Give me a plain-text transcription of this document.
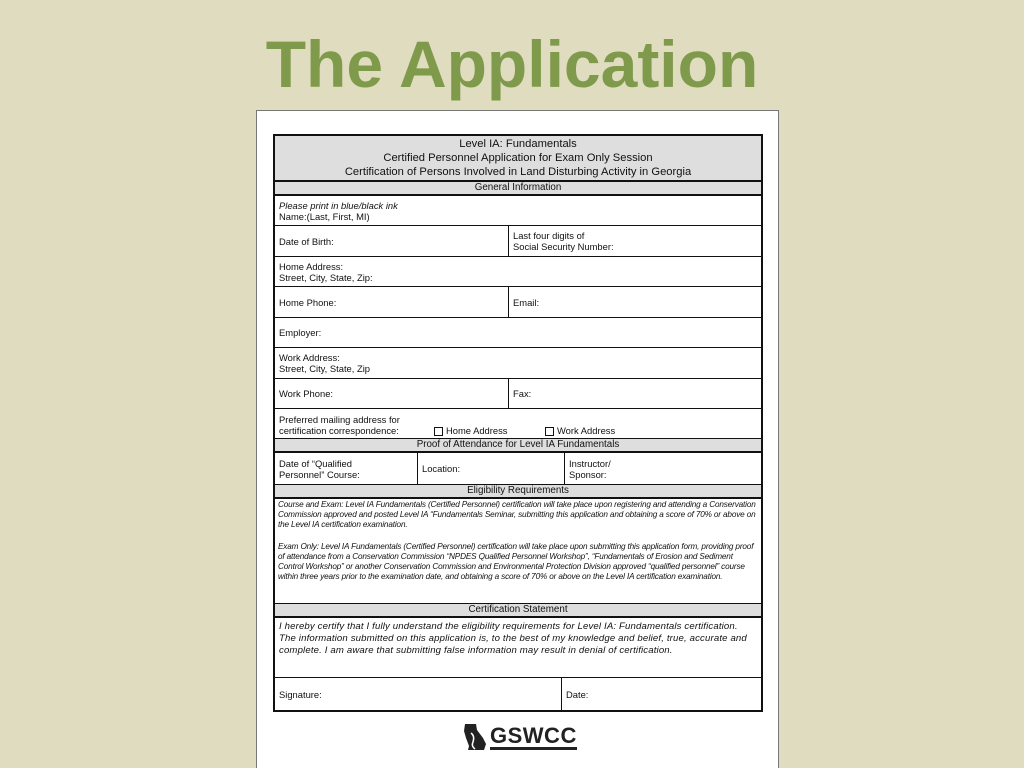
The Application
Level IA: Fundamentals
Certified Personnel Application for Exam Only Session
Certification of Persons Involved in Land Disturbing Activity in Georgia
General Information
Please print in blue/black ink
Name:(Last, First, MI)
Date of Birth:	Last four digits of
Social Security Number:
Home Address:
Street, City, State, Zip:
Home Phone:	Email:
Employer:
Work Address:
Street, City, State, Zip
Work Phone:	Fax:
Preferred mailing address for
certification correspondence:	Home Address	Work Address
Proof of Attendance for Level IA Fundamentals
Date of “Qualified
Personnel” Course:	Location:	Instructor/
Sponsor:
Eligibility Requirements
Course and Exam: Level IA Fundamentals (Certified Personnel) certification will take place upon registering and attending a Conservation Commission approved and posted Level IA “Fundamentals Seminar, submitting this application and obtaining a score of 70% or above on the Level IA certification examination.
Exam Only: Level IA Fundamentals (Certified Personnel) certification will take place upon submitting this application form, providing proof of attendance from a Conservation Commission “NPDES Qualified Personnel Workshop”, “Fundamentals of Erosion and Sediment Control Workshop” or another Conservation Commission and Environmental Protection Division approved “qualified personnel” course within three years prior to the examination date, and obtaining a score of 70% or above on the Level IA certification examination.
Certification Statement
I hereby certify that I fully understand the eligibility requirements for Level IA: Fundamentals certification. The information submitted on this application is, to the best of my knowledge and belief, true, accurate and complete. I am aware that submitting false information may result in denial of certification.
Signature:	Date:
GSWCC
